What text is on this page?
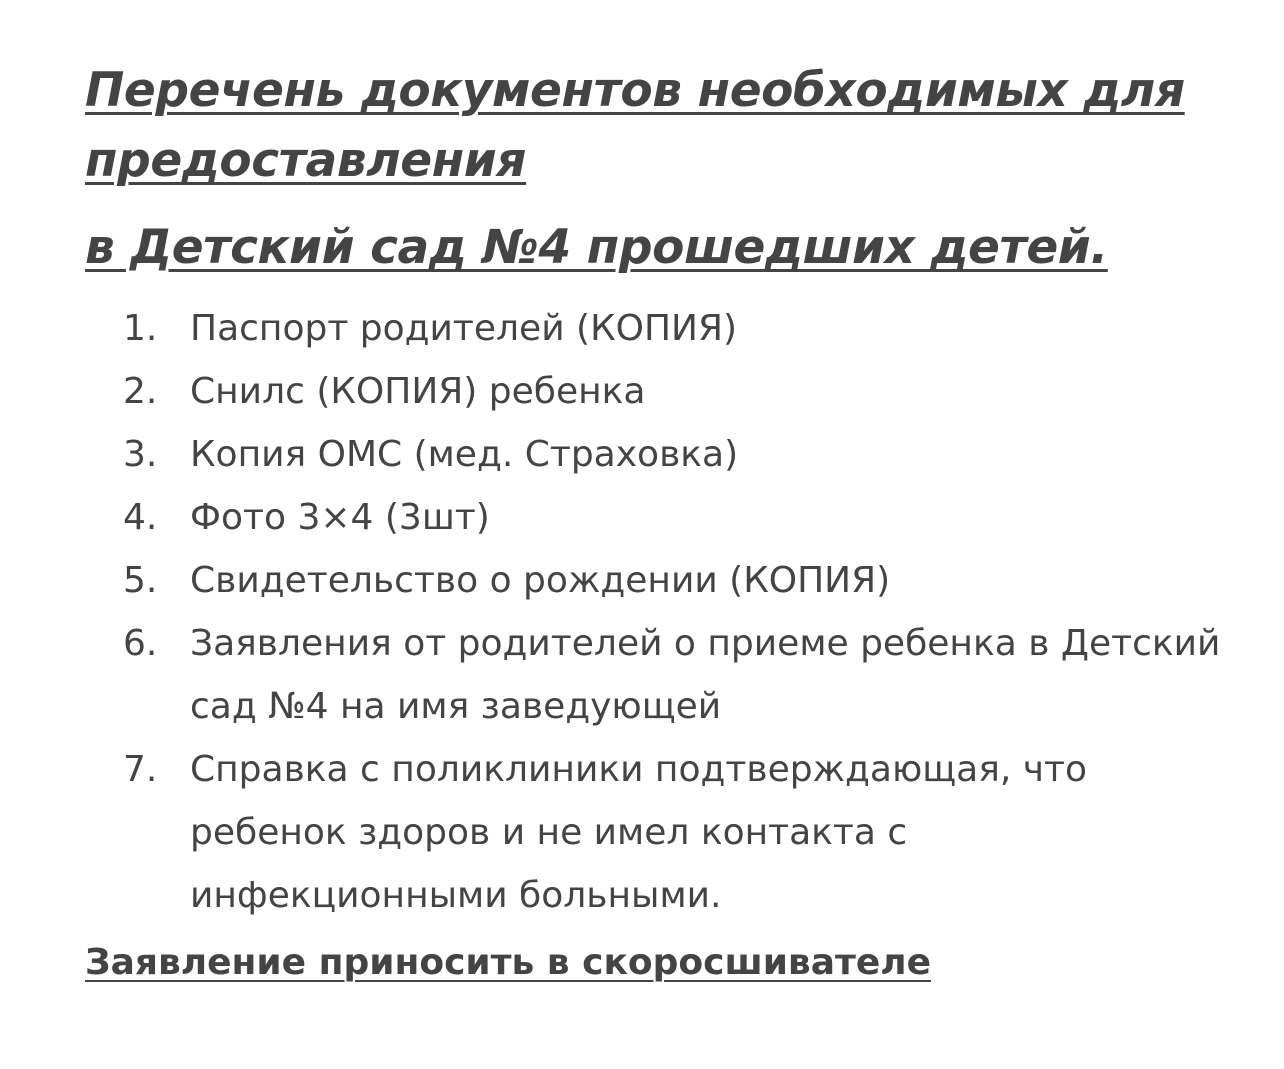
Перечень документов необходимых для предоставления
в Детский сад №4 прошедших детей.
1. Паспорт родителей (КОПИЯ)
2. Снилс (КОПИЯ) ребенка
3. Копия ОМС (мед. Страховка)
4. Фото 3×4 (3шт)
5. Свидетельство о рождении (КОПИЯ)
6. Заявления от родителей о приеме ребенка в Детский сад №4 на имя заведующей
7. Справка с поликлиники подтверждающая, что ребенок здоров и не имел контакта с инфекционными больными.

Заявление приносить в скоросшивателе
